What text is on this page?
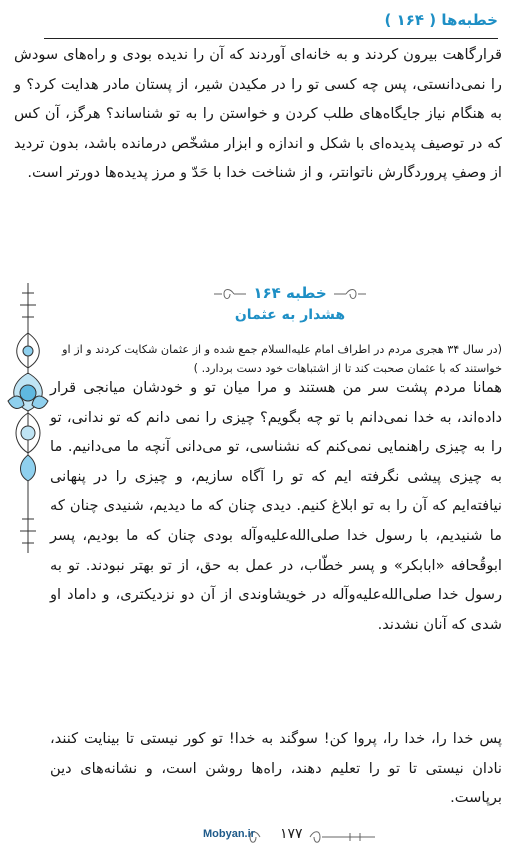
خطبه‌ها ( ۱۶۴ )

قرارگاهت بیرون کردند و به خانه‌ای آوردند که آن را ندیده بودی و راه‌های سودش را نمی‌دانستی، پس چه کسی تو را در مکیدن شیر، از پستان مادر هدایت کرد؟ و به هنگام نیاز جایگاه‌های طلب کردن و خواستن را به تو شناساند؟ هرگز، آن کس که در توصیف پدیده‌ای با شکل و اندازه و ابزار مشخّص درمانده باشد، بدون تردید از وصفِ پروردگارش ناتوانتر، و از شناخت خدا با حَدّ و مرز پدیده‌ها دورتر است.

خطبه ۱۶۴
هشدار به عثمان
(در سال ۳۴ هجری مردم در اطراف امام علیه‌السلام جمع شده و از عثمان شکایت کردند و از او خواستند که با عثمان صحبت کند تا از اشتباهات خود دست بردارد. )

همانا مردم پشت سر من هستند و مرا میان تو و خودشان میانجی قرار داده‌اند، به خدا نمی‌دانم با تو چه بگویم؟ چیزی را نمی دانم که تو ندانی، تو را به چیزی راهنمایی نمی‌کنم که نشناسی، تو می‌دانی آنچه ما می‌دانیم. ما به چیزی پیشی نگرفته ایم که تو را آگاه سازیم، و چیزی را در پنهانی نیافته‌ایم که آن را به تو ابلاغ کنیم. دیدی چنان که ما دیدیم، شنیدی چنان که ما شنیدیم، با رسول خدا صلی‌الله‌علیه‌وآله بودی چنان که ما بودیم، پسر ابوقُحافه «ابابکر» و پسر خطّاب، در عمل به حق، از تو بهتر نبودند. تو به رسول خدا صلی‌الله‌علیه‌وآله در خویشاوندی از آن دو نزدیکتری، و داماد او شدی که آنان نشدند.

پس خدا را، خدا را، پروا کن! سوگند به خدا! تو کور نیستی تا بینایت کنند، نادان نیستی تا تو را تعلیم دهند، راه‌ها روشن است، و نشانه‌های دین برپاست.

Mobyan.ir ۱۷۷
